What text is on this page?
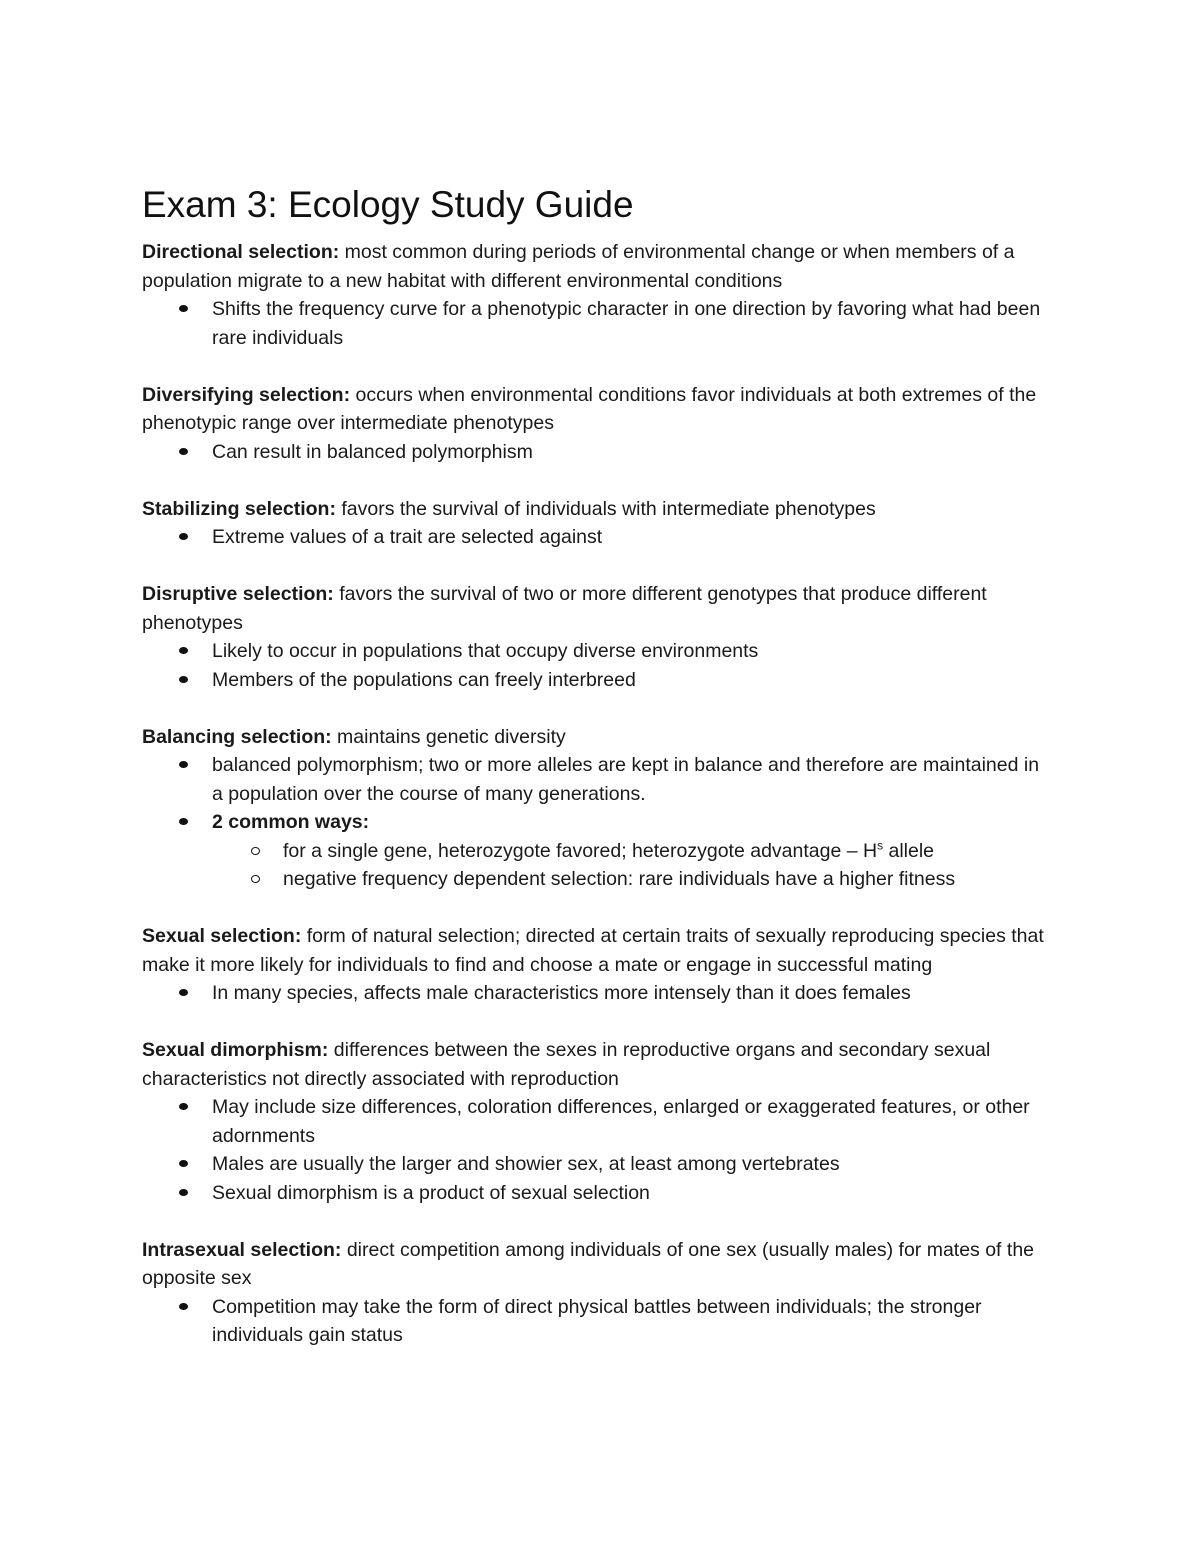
Exam 3: Ecology Study Guide

Directional selection: most common during periods of environmental change or when members of a population migrate to a new habitat with different environmental conditions

Shifts the frequency curve for a phenotypic character in one direction by favoring what had been rare individuals

Diversifying selection: occurs when environmental conditions favor individuals at both extremes of the phenotypic range over intermediate phenotypes

Can result in balanced polymorphism

Stabilizing selection: favors the survival of individuals with intermediate phenotypes

Extreme values of a trait are selected against

Disruptive selection: favors the survival of two or more different genotypes that produce different phenotypes

Likely to occur in populations that occupy diverse environments
Members of the populations can freely interbreed

Balancing selection: maintains genetic diversity

balanced polymorphism; two or more alleles are kept in balance and therefore are maintained in a population over the course of many generations.
2 common ways:
for a single gene, heterozygote favored; heterozygote advantage – $H^s$ allele
negative frequency dependent selection: rare individuals have a higher fitness

Sexual selection: form of natural selection; directed at certain traits of sexually reproducing species that make it more likely for individuals to find and choose a mate or engage in successful mating

In many species, affects male characteristics more intensely than it does females

Sexual dimorphism: differences between the sexes in reproductive organs and secondary sexual characteristics not directly associated with reproduction

May include size differences, coloration differences, enlarged or exaggerated features, or other adornments
Males are usually the larger and showier sex, at least among vertebrates
Sexual dimorphism is a product of sexual selection

Intrasexual selection: direct competition among individuals of one sex (usually males) for mates of the opposite sex

Competition may take the form of direct physical battles between individuals; the stronger individuals gain status
